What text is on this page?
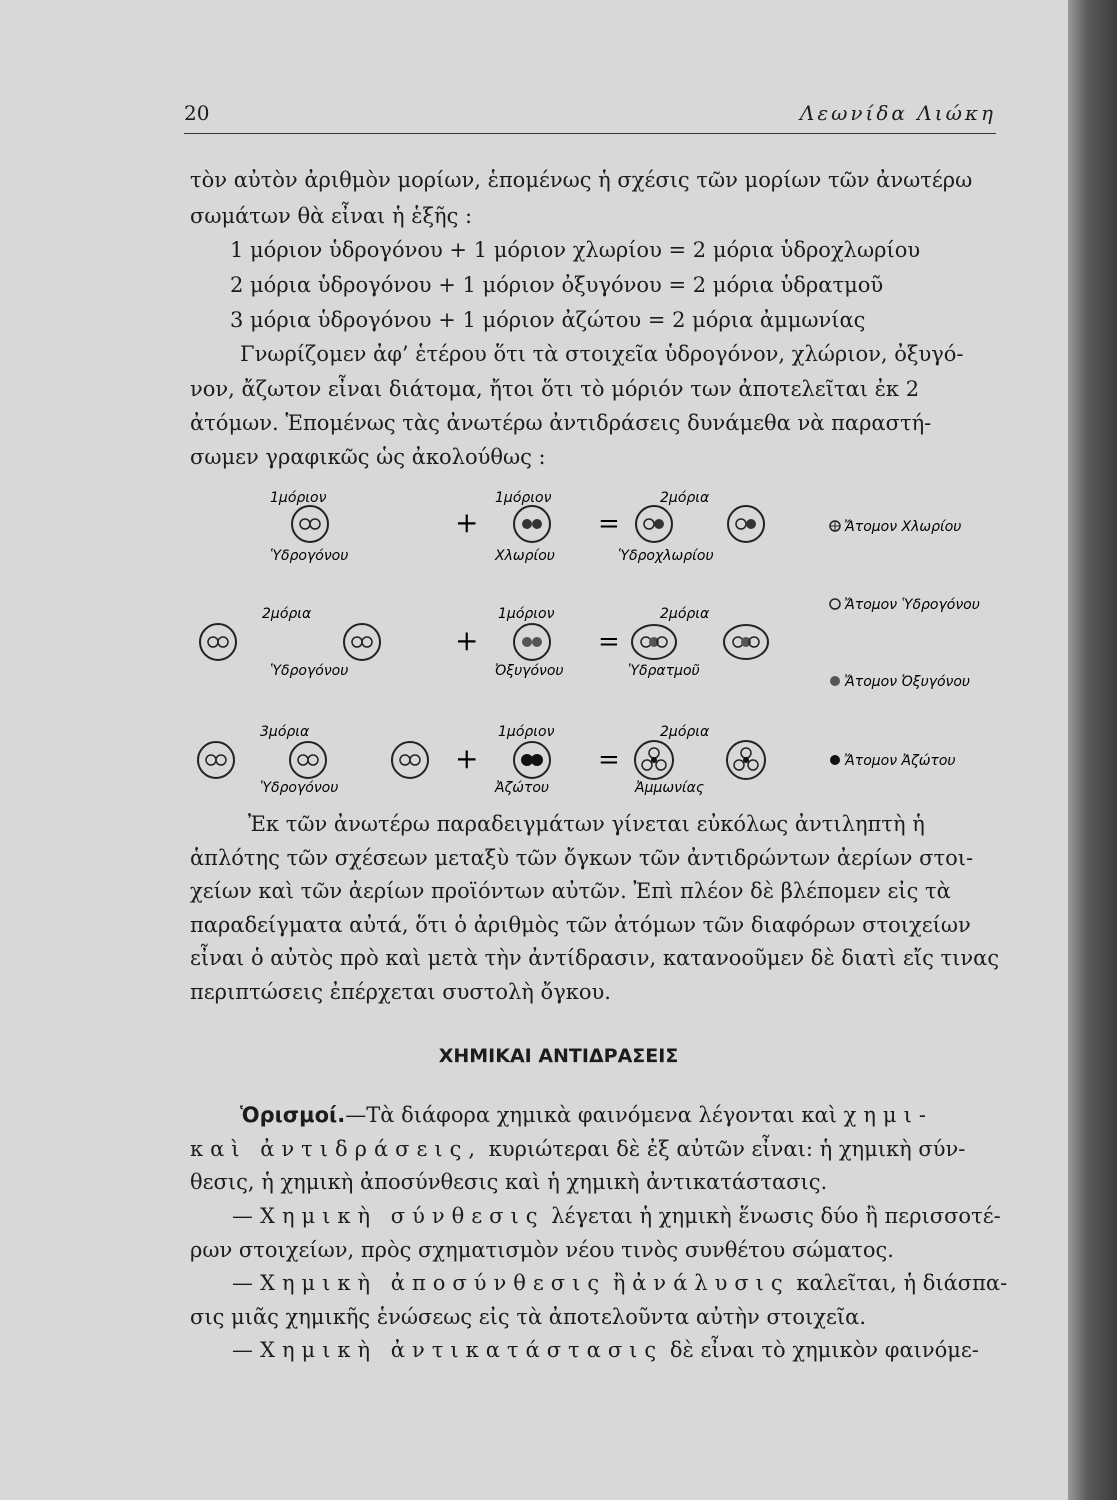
20	Λεωνίδα Λιώκη
τὸν αὐτὸν ἀριθμὸν μορίων, ἑπομένως ἡ σχέσις τῶν μορίων τῶν ἀνωτέρω
σωμάτων θὰ εἶναι ἡ ἑξῆς :
1 μόριον ὑδρογόνου + 1 μόριον χλωρίου = 2 μόρια ὑδροχλωρίου
2 μόρια ὑδρογόνου + 1 μόριον ὀξυγόνου = 2 μόρια ὑδρατμοῦ
3 μόρια ὑδρογόνου + 1 μόριον ἀζώτου = 2 μόρια ἀμμωνίας
Γνωρίζομεν ἀφ’ ἑτέρου ὅτι τὰ στοιχεῖα ὑδρογόνον, χλώριον, ὀξυγό-
νον, ἄζωτον εἶναι διάτομα, ἤτοι ὅτι τὸ μόριόν των ἀποτελεῖται ἐκ 2
ἀτόμων. Ἑπομένως τὰς ἀνωτέρω ἀντιδράσεις δυνάμεθα νὰ παραστή-
σωμεν γραφικῶς ὡς ἀκολούθως :
1μόριον
Ὑδρογόνου
+
1μόριον
Χλωρίου
=
2μόρια
Ὑδροχλωρίου
Ἄτομον Χλωρίου
2μόρια
Ὑδρογόνου
+
1μόριον
Ὀξυγόνου
=
2μόρια
Ὑδρατμοῦ
Ἄτομον Ὑδρογόνου
Ἄτομον Ὀξυγόνου
3μόρια
Ὑδρογόνου
+
1μόριον
Ἀζώτου
=
2μόρια
Ἀμμωνίας
Ἄτομον Ἀζώτου
Ἐκ τῶν ἀνωτέρω παραδειγμάτων γίνεται εὐκόλως ἀντιληπτὴ ἡ
ἁπλότης τῶν σχέσεων μεταξὺ τῶν ὄγκων τῶν ἀντιδρώντων ἀερίων στοι-
χείων καὶ τῶν ἀερίων προϊόντων αὐτῶν. Ἐπὶ πλέον δὲ βλέπομεν εἰς τὰ
παραδείγματα αὐτά, ὅτι ὁ ἀριθμὸς τῶν ἀτόμων τῶν διαφόρων στοιχείων
εἶναι ὁ αὐτὸς πρὸ καὶ μετὰ τὴν ἀντίδρασιν, κατανοοῦμεν δὲ διατὶ εἴς τινας
περιπτώσεις ἐπέρχεται συστολὴ ὄγκου.
ΧΗΜΙΚΑΙ ΑΝΤΙΔΡΑΣΕΙΣ
Ὁρισμοί.—Τὰ διάφορα χημικὰ φαινόμενα λέγονται καὶ χημι-
καὶ ἀντιδράσεις, κυριώτεραι δὲ ἐξ αὐτῶν εἶναι: ἡ χημικὴ σύν-
θεσις, ἡ χημικὴ ἀποσύνθεσις καὶ ἡ χημικὴ ἀντικατάστασις.
—Χημικὴ σύνθεσις λέγεται ἡ χημικὴ ἕνωσις δύο ἢ περισσοτέ-
ρων στοιχείων, πρὸς σχηματισμὸν νέου τινὸς συνθέτου σώματος.
—Χημικὴ ἀποσύνθεσις ἢ ἀνάλυσις καλεῖται, ἡ διάσπα-
σις μιᾶς χημικῆς ἑνώσεως εἰς τὰ ἀποτελοῦντα αὐτὴν στοιχεῖα.
—Χημικὴ ἀντικατάστασις δὲ εἶναι τὸ χημικὸν φαινόμε-
